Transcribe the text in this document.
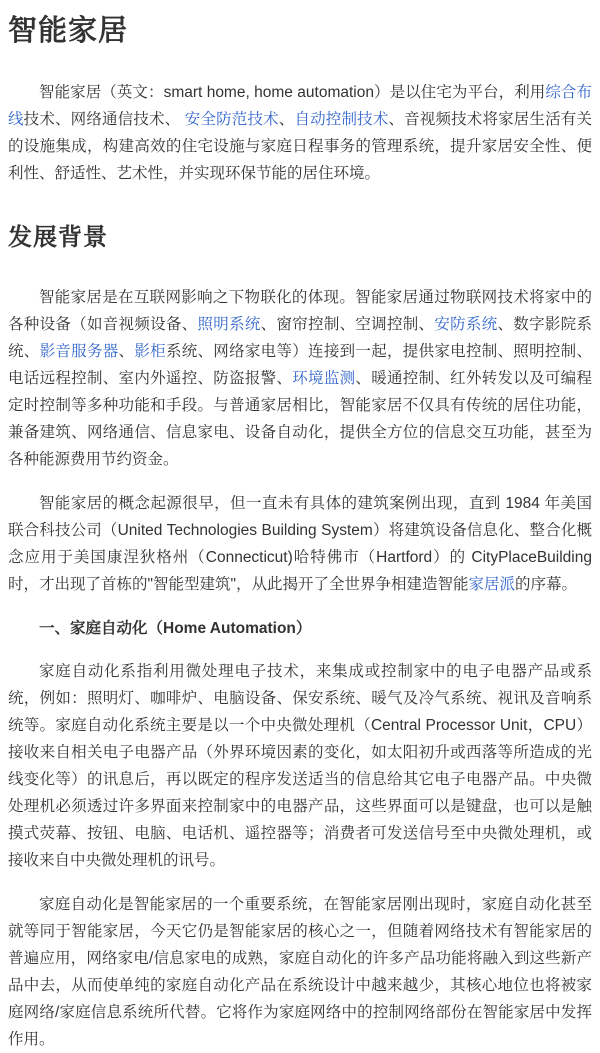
智能家居

智能家居（英文：smart home, home automation）是以住宅为平台，利用综合布线技术、网络通信技术、 安全防范技术、自动控制技术、音视频技术将家居生活有关的设施集成，构建高效的住宅设施与家庭日程事务的管理系统，提升家居安全性、便利性、舒适性、艺术性，并实现环保节能的居住环境。

发展背景

智能家居是在互联网影响之下物联化的体现。智能家居通过物联网技术将家中的各种设备（如音视频设备、照明系统、窗帘控制、空调控制、安防系统、数字影院系统、影音服务器、影柜系统、网络家电等）连接到一起，提供家电控制、照明控制、电话远程控制、室内外遥控、防盗报警、环境监测、暖通控制、红外转发以及可编程定时控制等多种功能和手段。与普通家居相比，智能家居不仅具有传统的居住功能，兼备建筑、网络通信、信息家电、设备自动化，提供全方位的信息交互功能，甚至为各种能源费用节约资金。

智能家居的概念起源很早，但一直未有具体的建筑案例出现，直到 1984 年美国联合科技公司（United Technologies Building System）将建筑设备信息化、整合化概念应用于美国康涅狄格州（Connecticut)哈特佛市（Hartford）的 CityPlaceBuilding 时，才出现了首栋的"智能型建筑"，从此揭开了全世界争相建造智能家居派的序幕。

一、家庭自动化（Home Automation）

家庭自动化系指利用微处理电子技术，来集成或控制家中的电子电器产品或系统，例如：照明灯、咖啡炉、电脑设备、保安系统、暖气及冷气系统、视讯及音响系统等。家庭自动化系统主要是以一个中央微处理机（Central Processor Unit，CPU）接收来自相关电子电器产品（外界环境因素的变化，如太阳初升或西落等所造成的光线变化等）的讯息后，再以既定的程序发送适当的信息给其它电子电器产品。中央微处理机必须透过许多界面来控制家中的电器产品，这些界面可以是键盘，也可以是触摸式荧幕、按钮、电脑、电话机、遥控器等；消费者可发送信号至中央微处理机，或接收来自中央微处理机的讯号。

家庭自动化是智能家居的一个重要系统，在智能家居刚出现时，家庭自动化甚至就等同于智能家居，今天它仍是智能家居的核心之一，但随着网络技术有智能家居的普遍应用，网络家电/信息家电的成熟，家庭自动化的许多产品功能将融入到这些新产品中去，从而使单纯的家庭自动化产品在系统设计中越来越少，其核心地位也将被家庭网络/家庭信息系统所代替。它将作为家庭网络中的控制网络部份在智能家居中发挥作用。
